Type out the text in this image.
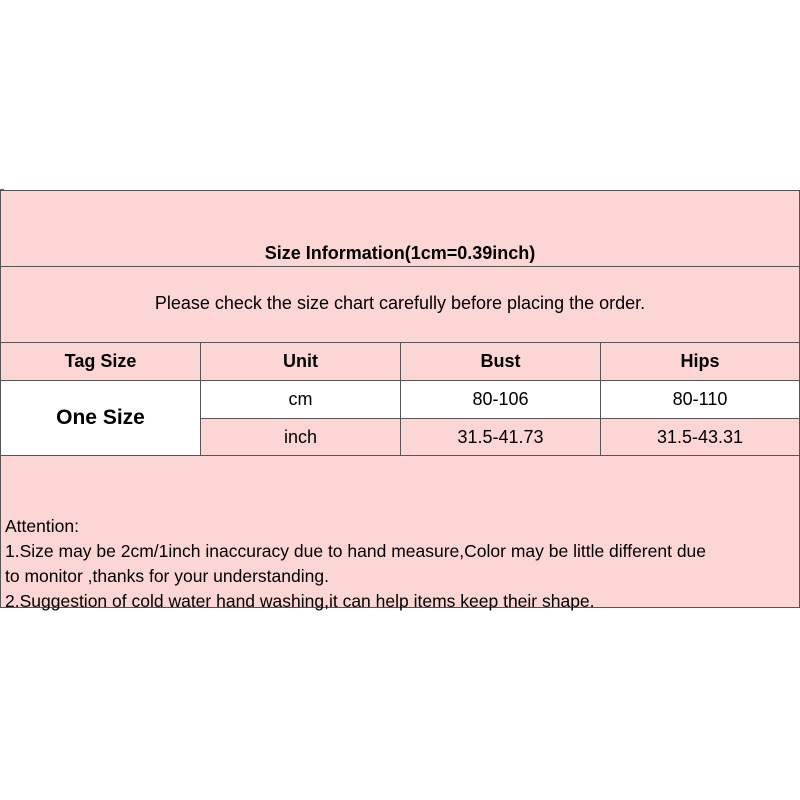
Size Information(1cm=0.39inch)
Please check the size chart carefully before placing the order.
Tag Size	Unit	Bust	Hips
One Size
cm	80-106	80-110
inch	31.5-41.73	31.5-43.31
Attention:
1.Size may be 2cm/1inch inaccuracy due to hand measure,Color may be little different due
to monitor ,thanks for your understanding.
2.Suggestion of cold water hand washing,it can help items keep their shape.
